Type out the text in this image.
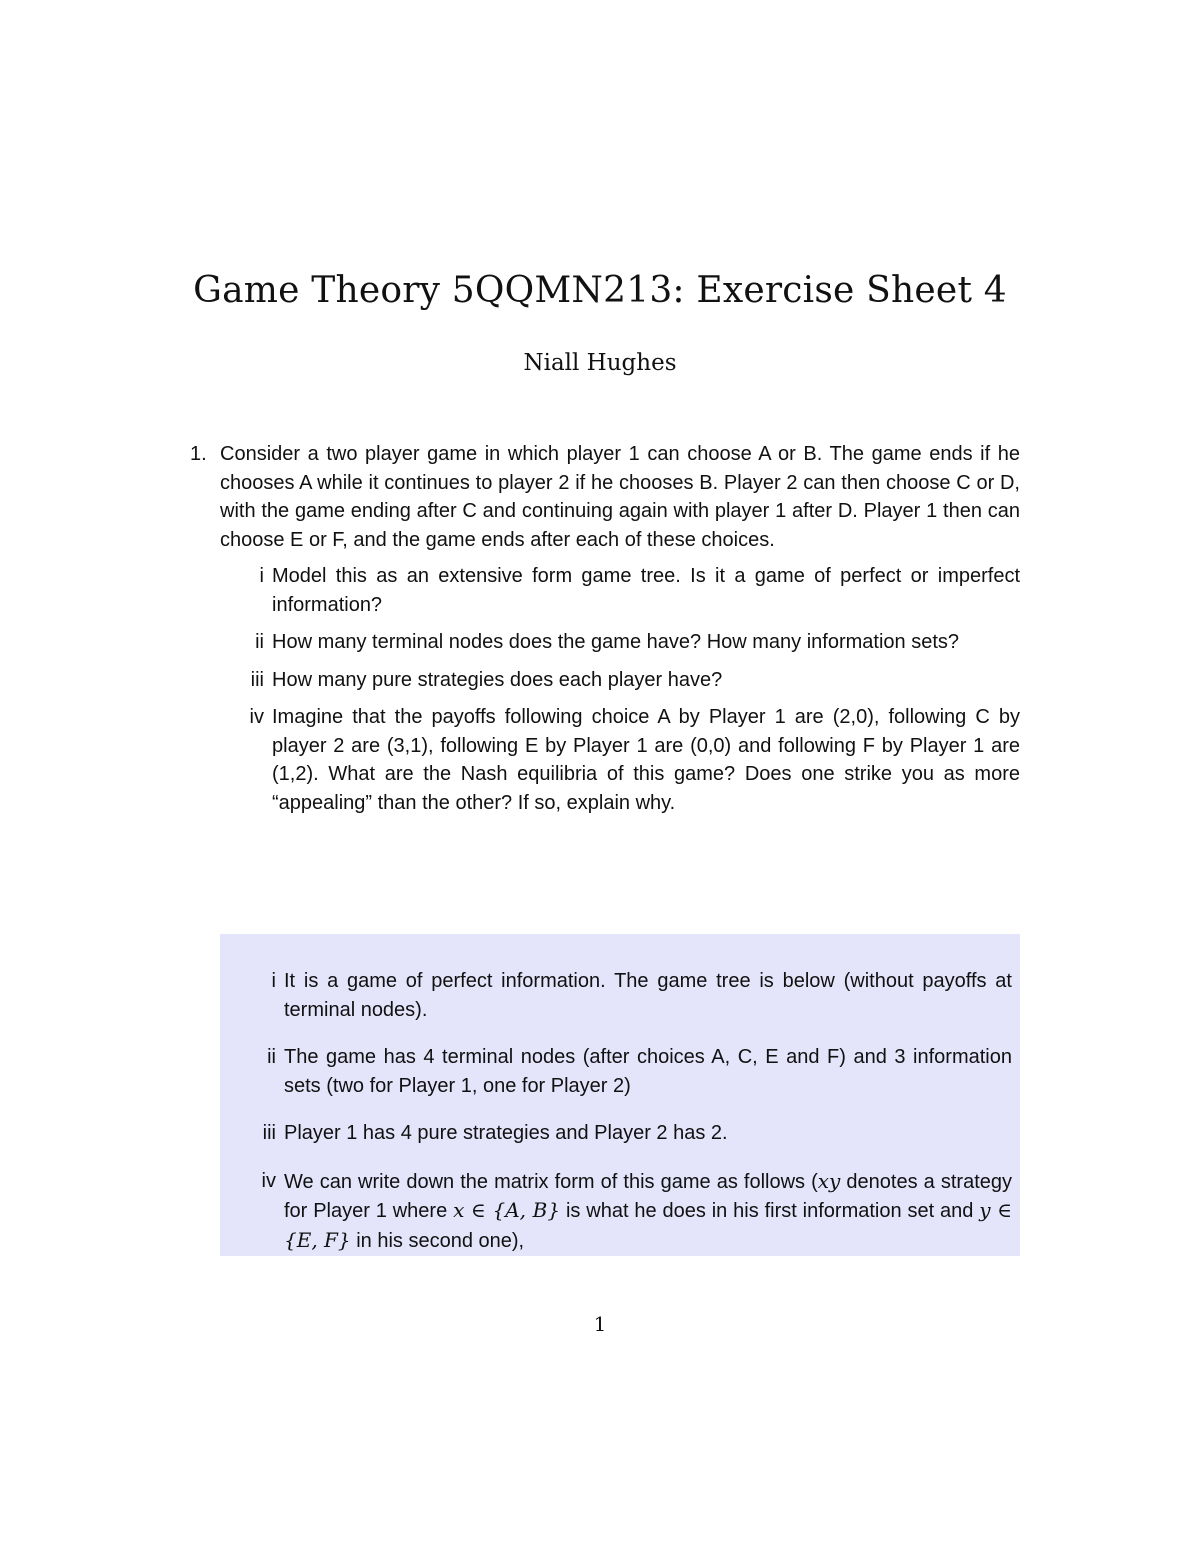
Game Theory 5QQMN213: Exercise Sheet 4
Niall Hughes
1. Consider a two player game in which player 1 can choose A or B. The game ends if he chooses A while it continues to player 2 if he chooses B. Player 2 can then choose C or D, with the game ending after C and continuing again with player 1 after D. Player 1 then can choose E or F, and the game ends after each of these choices.
i Model this as an extensive form game tree. Is it a game of perfect or imperfect information?
ii How many terminal nodes does the game have? How many information sets?
iii How many pure strategies does each player have?
iv Imagine that the payoffs following choice A by Player 1 are (2,0), following C by player 2 are (3,1), following E by Player 1 are (0,0) and following F by Player 1 are (1,2). What are the Nash equilibria of this game? Does one strike you as more “appealing” than the other? If so, explain why.
i It is a game of perfect information. The game tree is below (without payoffs at terminal nodes).
ii The game has 4 terminal nodes (after choices A, C, E and F) and 3 information sets (two for Player 1, one for Player 2)
iii Player 1 has 4 pure strategies and Player 2 has 2.
iv We can write down the matrix form of this game as follows (xy denotes a strategy for Player 1 where x ∈ {A, B} is what he does in his first information set and y ∈ {E, F} in his second one),
1
